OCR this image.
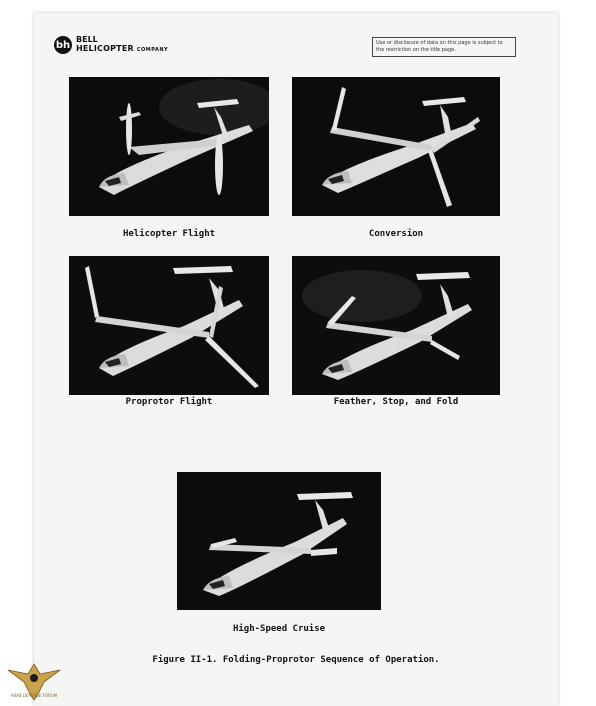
bh BELL
HELICOPTER COMPANY
Use or disclosure of data on this page is subject to the restriction on the title page.
Helicopter Flight	Conversion
Proprotor Flight	Feather, Stop, and Fold
High-Speed Cruise
Figure II-1. Folding-Proprotor Sequence of Operation.
ARAB DEFENSE FORUM
